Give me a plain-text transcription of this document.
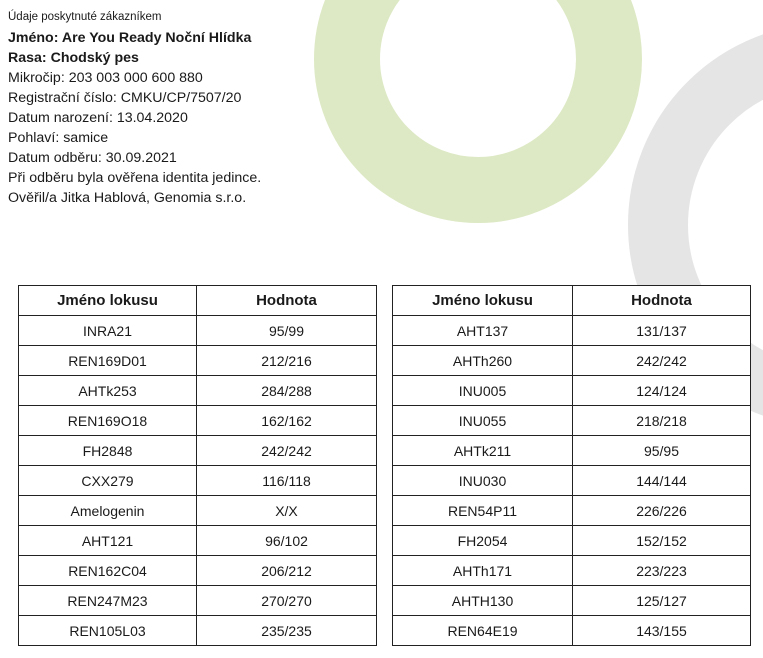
Údaje poskytnuté zákazníkem
Jméno: Are You Ready Noční Hlídka
Rasa: Chodský pes
Mikročip: 203 003 000 600 880
Registrační číslo: CMKU/CP/7507/20
Datum narození: 13.04.2020
Pohlaví: samice
Datum odběru: 30.09.2021
Při odběru byla ověřena identita jedince.
Ověřil/a Jitka Hablová, Genomia s.r.o.
Jméno lokusu	Hodnota		Jméno lokusu	Hodnota
INRA21	95/99		AHT137	131/137
REN169D01	212/216		AHTh260	242/242
AHTk253	284/288		INU005	124/124
REN169O18	162/162		INU055	218/218
FH2848	242/242		AHTk211	95/95
CXX279	116/118		INU030	144/144
Amelogenin	X/X		REN54P11	226/226
AHT121	96/102		FH2054	152/152
REN162C04	206/212		AHTh171	223/223
REN247M23	270/270		AHTH130	125/127
REN105L03	235/235		REN64E19	143/155
